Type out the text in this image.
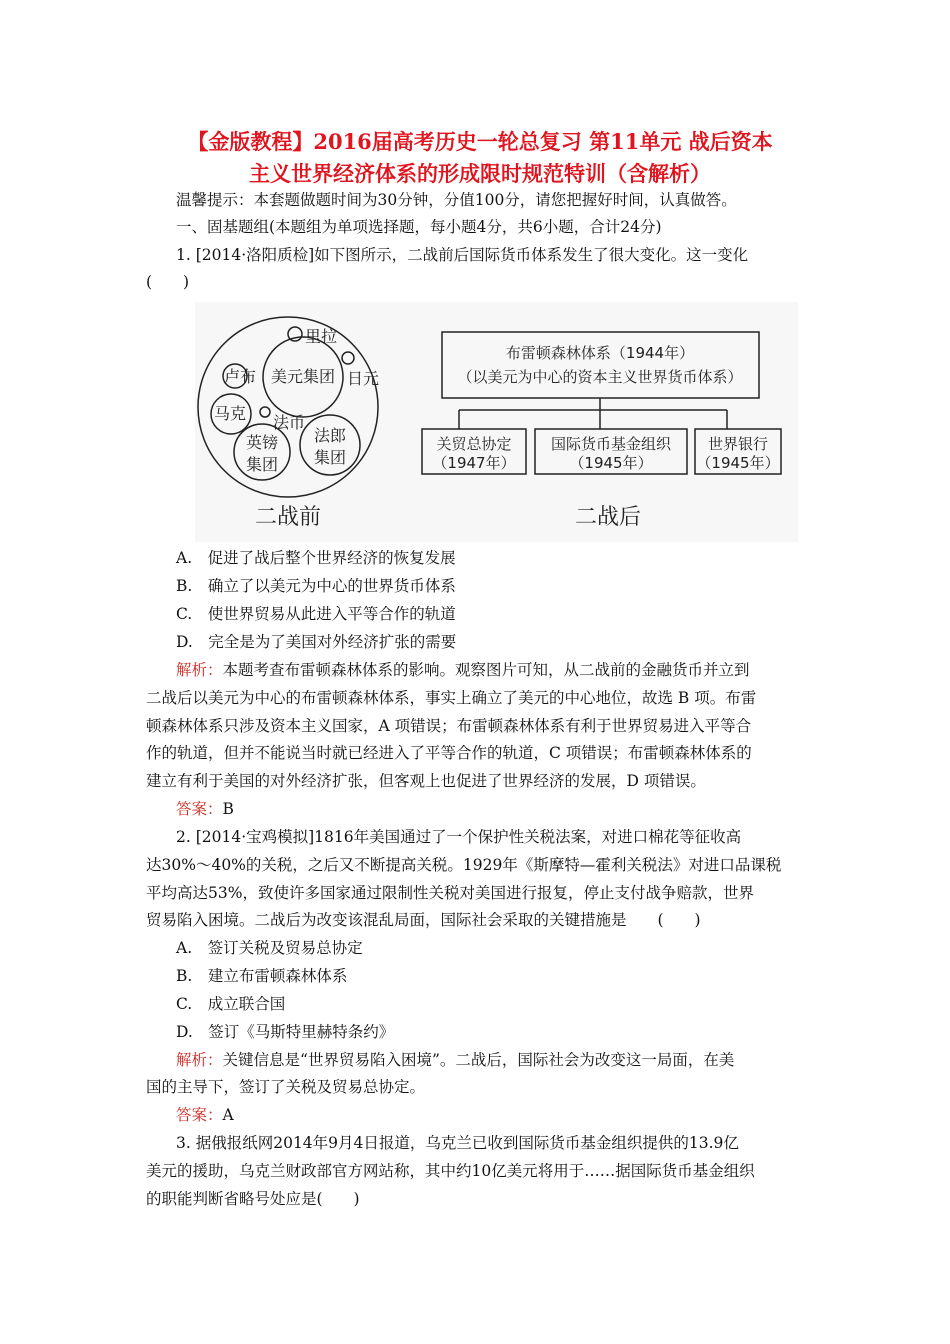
【金版教程】2016届高考历史一轮总复习 第11单元 战后资本
主义世界经济体系的形成限时规范特训（含解析）
温馨提示：本套题做题时间为30分钟，分值100分，请您把握好时间，认真做答。
一、固基题组(本题组为单项选择题，每小题4分，共6小题，合计24分)
1. [2014·洛阳质检]如下图所示，二战前后国际货币体系发生了很大变化。这一变化
(　　)
里拉
卢布 美元集团 日元
马克 法币
英镑
集团
法郎
集团
二战前
布雷顿森林体系（1944年）
（以美元为中心的资本主义世界货币体系）
关贸总协定
（1947年）
国际货币基金组织
（1945年）
世界银行
（1945年）
二战后
A.　促进了战后整个世界经济的恢复发展
B.　确立了以美元为中心的世界货币体系
C.　使世界贸易从此进入平等合作的轨道
D.　完全是为了美国对外经济扩张的需要
解析：本题考查布雷顿森林体系的影响。观察图片可知，从二战前的金融货币并立到
二战后以美元为中心的布雷顿森林体系，事实上确立了美元的中心地位，故选 B 项。布雷
顿森林体系只涉及资本主义国家，A 项错误；布雷顿森林体系有利于世界贸易进入平等合
作的轨道，但并不能说当时就已经进入了平等合作的轨道，C 项错误；布雷顿森林体系的
建立有利于美国的对外经济扩张，但客观上也促进了世界经济的发展，D 项错误。
答案：B
2. [2014·宝鸡模拟]1816年美国通过了一个保护性关税法案，对进口棉花等征收高
达30%～40%的关税，之后又不断提高关税。1929年《斯摩特—霍利关税法》对进口品课税
平均高达53%，致使许多国家通过限制性关税对美国进行报复，停止支付战争赔款，世界
贸易陷入困境。二战后为改变该混乱局面，国际社会采取的关键措施是　　(　　)
A.　签订关税及贸易总协定
B.　建立布雷顿森林体系
C.　成立联合国
D.　签订《马斯特里赫特条约》
解析：关键信息是“世界贸易陷入困境”。二战后，国际社会为改变这一局面，在美
国的主导下，签订了关税及贸易总协定。
答案：A
3. 据俄报纸网2014年9月4日报道，乌克兰已收到国际货币基金组织提供的13.9亿
美元的援助，乌克兰财政部官方网站称，其中约10亿美元将用于……据国际货币基金组织
的职能判断省略号处应是(　　)
